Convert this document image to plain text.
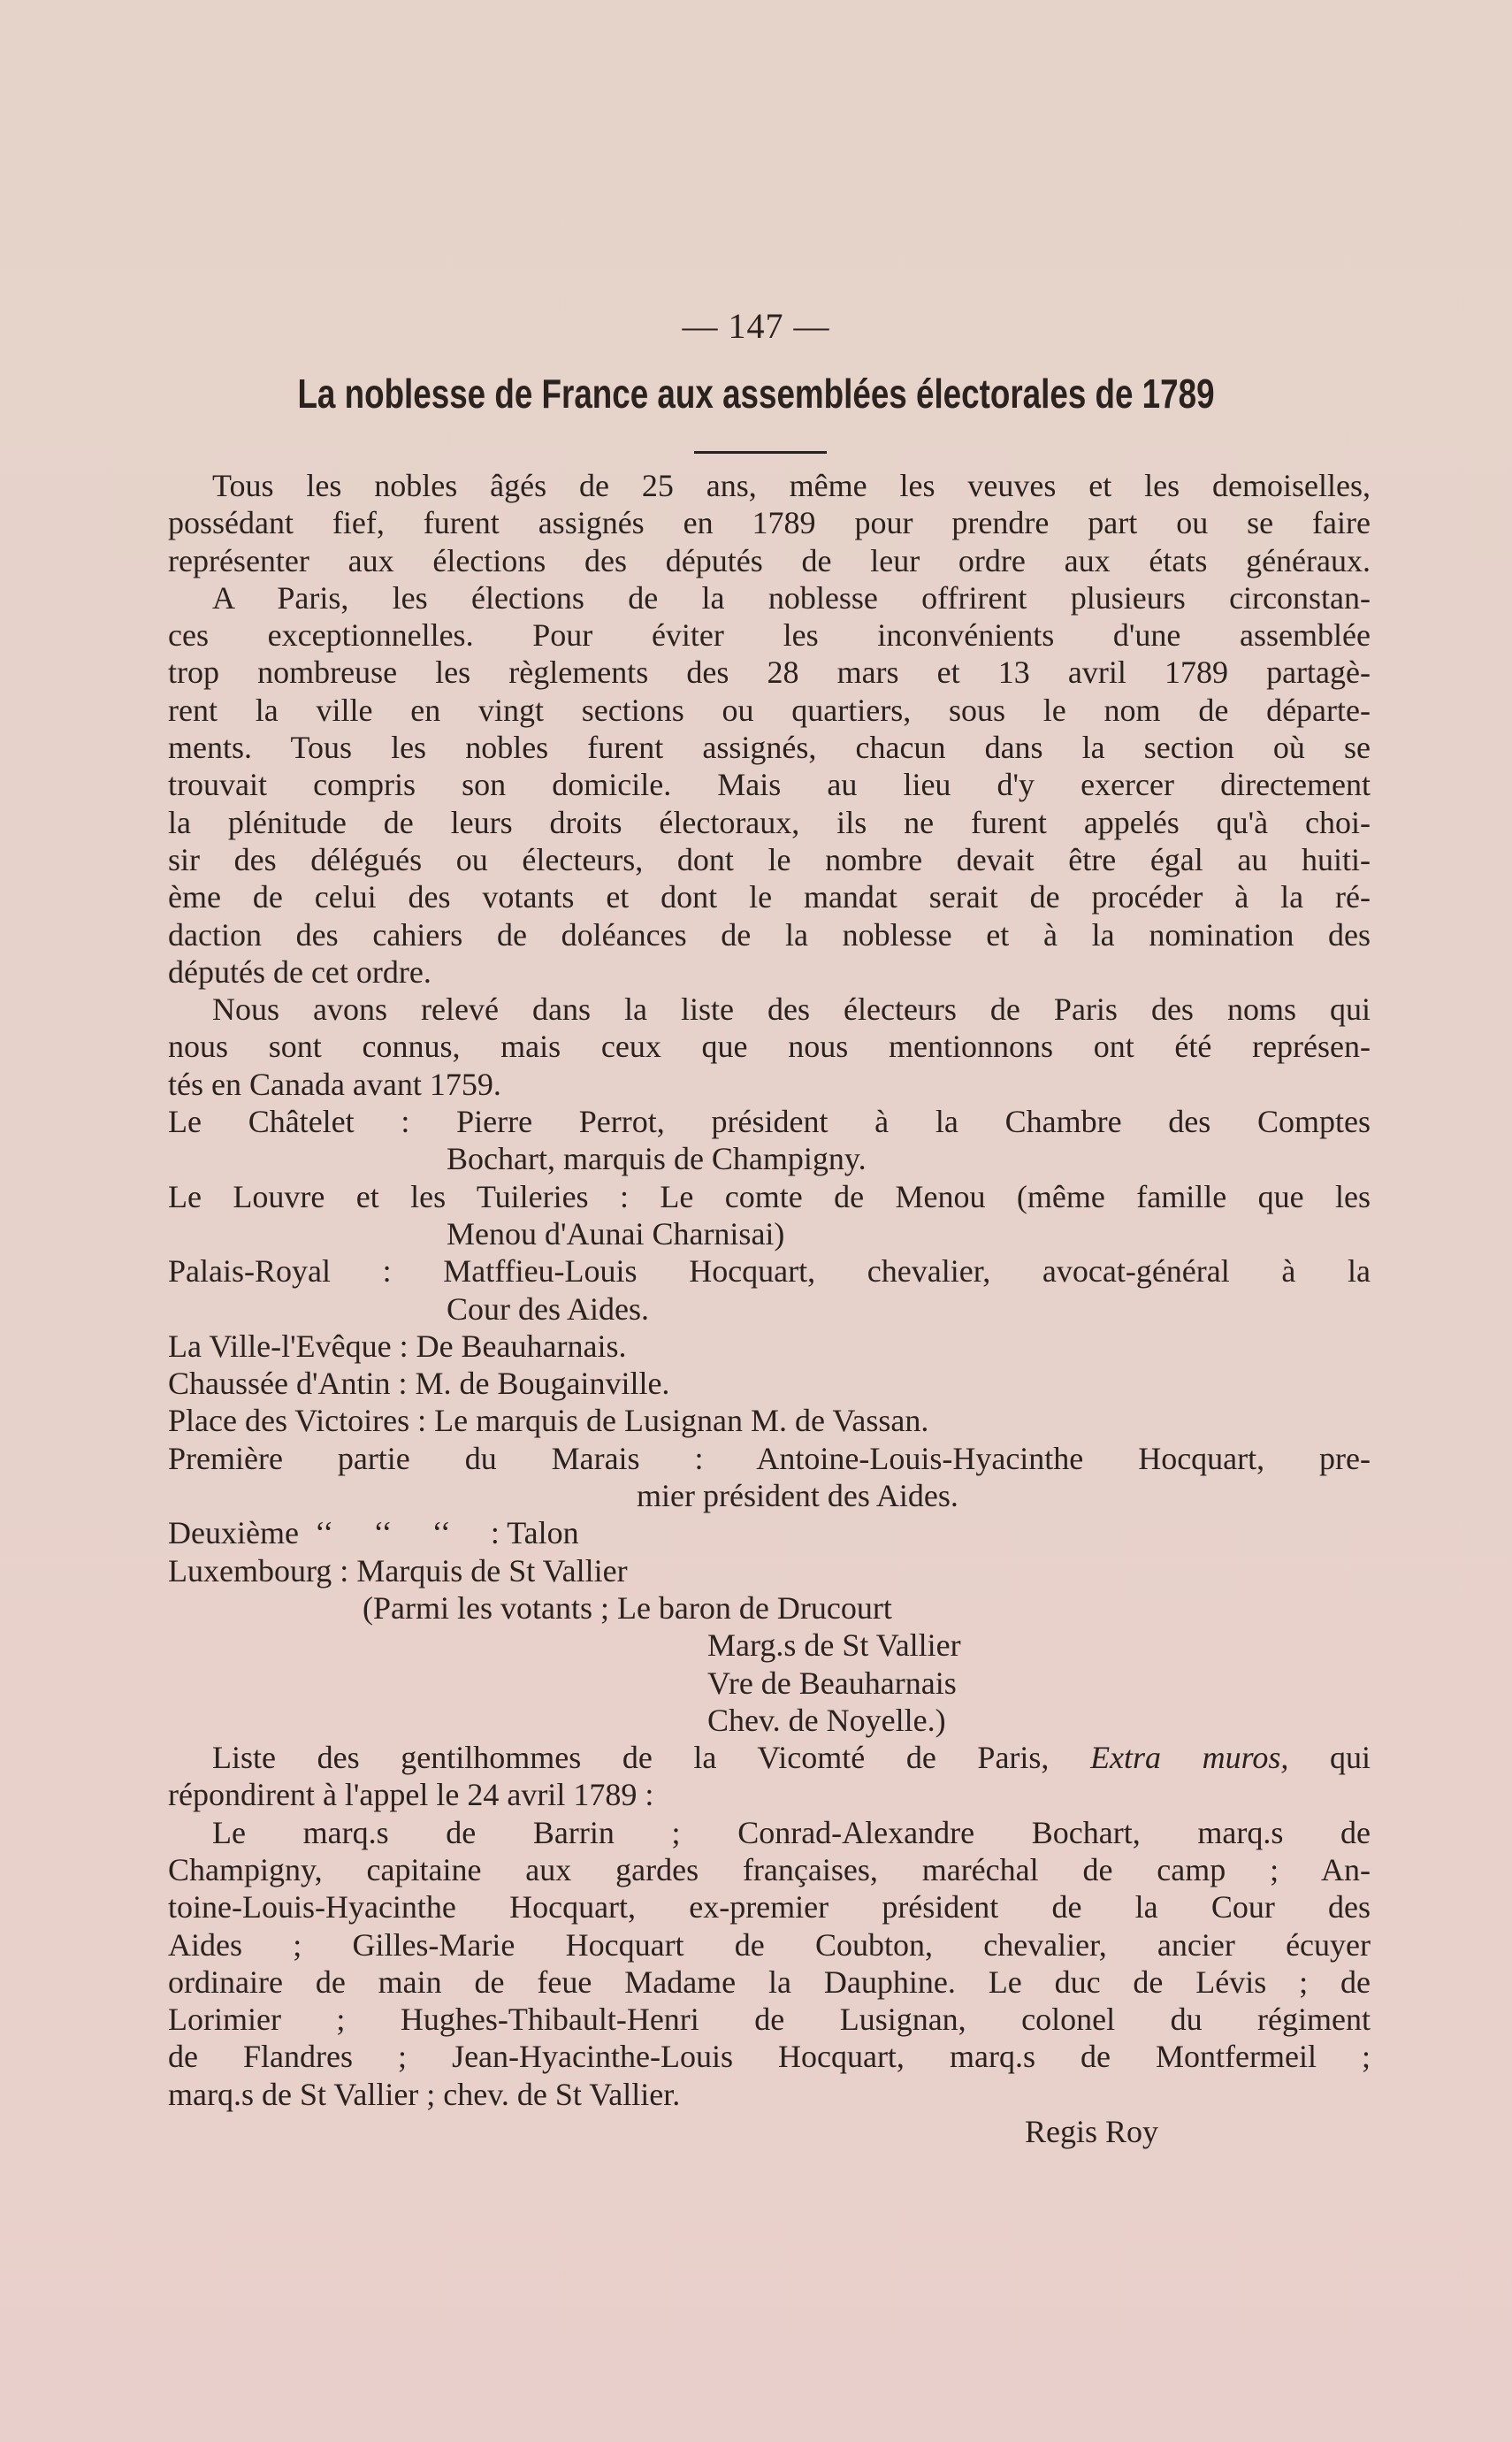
— 147 —
La noblesse de France aux assemblées électorales de 1789
Tous les nobles âgés de 25 ans, même les veuves et les demoiselles,
possédant fief, furent assignés en 1789 pour prendre part ou se faire
représenter aux élections des députés de leur ordre aux états généraux.
A Paris, les élections de la noblesse offrirent plusieurs circonstan-
ces exceptionnelles. Pour éviter les inconvénients d'une assemblée
trop nombreuse les règlements des 28 mars et 13 avril 1789 partagè-
rent la ville en vingt sections ou quartiers, sous le nom de départe-
ments. Tous les nobles furent assignés, chacun dans la section où se
trouvait compris son domicile. Mais au lieu d'y exercer directement
la plénitude de leurs droits électoraux, ils ne furent appelés qu'à choi-
sir des délégués ou électeurs, dont le nombre devait être égal au huiti-
ème de celui des votants et dont le mandat serait de procéder à la ré-
daction des cahiers de doléances de la noblesse et à la nomination des
députés de cet ordre.
Nous avons relevé dans la liste des électeurs de Paris des noms qui
nous sont connus, mais ceux que nous mentionnons ont été représen-
tés en Canada avant 1759.
Le Châtelet : Pierre Perrot, président à la Chambre des Comptes
Bochart, marquis de Champigny.
Le Louvre et les Tuileries : Le comte de Menou (même famille que les
Menou d'Aunai Charnisai)
Palais-Royal : Matffieu-Louis Hocquart, chevalier, avocat-général à la
Cour des Aides.
La Ville-l'Evêque : De Beauharnais.
Chaussée d'Antin : M. de Bougainville.
Place des Victoires : Le marquis de Lusignan M. de Vassan.
Première partie du Marais : Antoine-Louis-Hyacinthe Hocquart, pre-
mier président des Aides.
Deuxième  ‘‘     ‘‘     ‘‘     : Talon
Luxembourg : Marquis de St Vallier
(Parmi les votants ; Le baron de Drucourt
Marg.s de St Vallier
Vre de Beauharnais
Chev. de Noyelle.)
Liste des gentilhommes de la Vicomté de Paris, Extra muros, qui
répondirent à l'appel le 24 avril 1789 :
Le marq.s de Barrin ; Conrad-Alexandre Bochart, marq.s de
Champigny, capitaine aux gardes françaises, maréchal de camp ; An-
toine-Louis-Hyacinthe Hocquart, ex-premier président de la Cour des
Aides ; Gilles-Marie Hocquart de Coubton, chevalier, ancier écuyer
ordinaire de main de feue Madame la Dauphine. Le duc de Lévis ; de
Lorimier ; Hughes-Thibault-Henri de Lusignan, colonel du régiment
de Flandres ; Jean-Hyacinthe-Louis Hocquart, marq.s de Montfermeil ;
marq.s de St Vallier ; chev. de St Vallier.
Regis Roy
